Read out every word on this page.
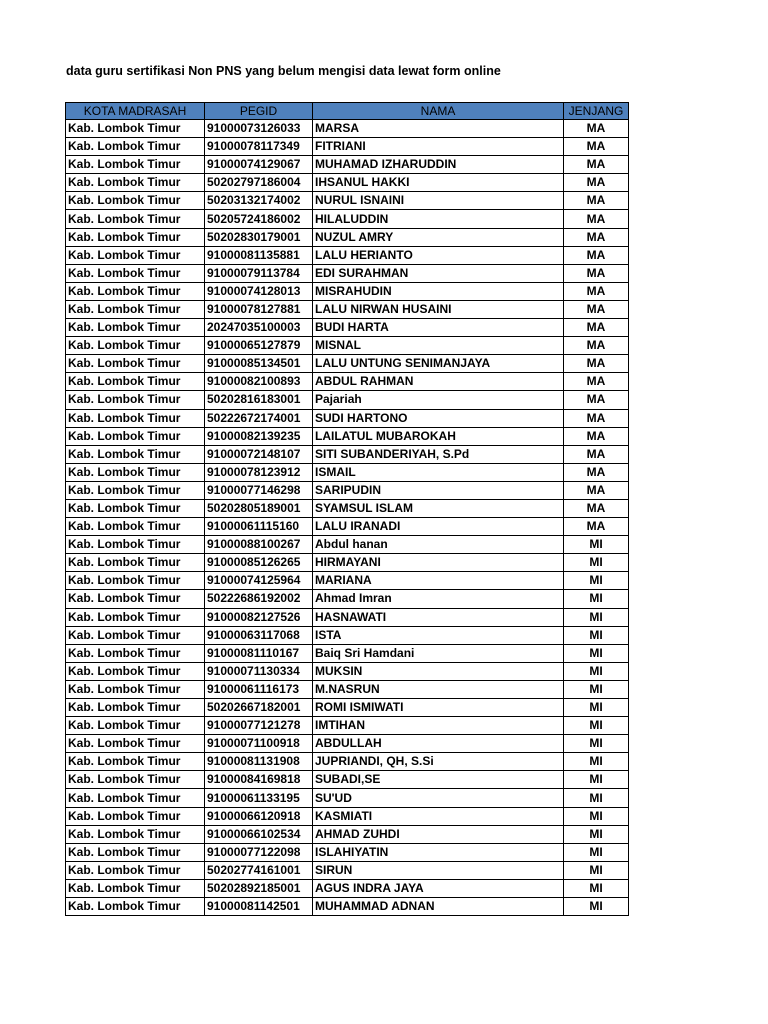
data guru sertifikasi Non PNS yang belum mengisi data lewat form online
KOTA MADRASAH	PEGID	NAMA	JENJANG
Kab. Lombok Timur	91000073126033	MARSA	MA
Kab. Lombok Timur	91000078117349	FITRIANI	MA
Kab. Lombok Timur	91000074129067	MUHAMAD IZHARUDDIN	MA
Kab. Lombok Timur	50202797186004	IHSANUL HAKKI	MA
Kab. Lombok Timur	50203132174002	NURUL ISNAINI	MA
Kab. Lombok Timur	50205724186002	HILALUDDIN	MA
Kab. Lombok Timur	50202830179001	NUZUL AMRY	MA
Kab. Lombok Timur	91000081135881	LALU HERIANTO	MA
Kab. Lombok Timur	91000079113784	EDI SURAHMAN	MA
Kab. Lombok Timur	91000074128013	MISRAHUDIN	MA
Kab. Lombok Timur	91000078127881	LALU NIRWAN HUSAINI	MA
Kab. Lombok Timur	20247035100003	BUDI HARTA	MA
Kab. Lombok Timur	91000065127879	MISNAL	MA
Kab. Lombok Timur	91000085134501	LALU UNTUNG SENIMANJAYA	MA
Kab. Lombok Timur	91000082100893	ABDUL RAHMAN	MA
Kab. Lombok Timur	50202816183001	Pajariah	MA
Kab. Lombok Timur	50222672174001	SUDI HARTONO	MA
Kab. Lombok Timur	91000082139235	LAILATUL MUBAROKAH	MA
Kab. Lombok Timur	91000072148107	SITI SUBANDERIYAH, S.Pd	MA
Kab. Lombok Timur	91000078123912	ISMAIL	MA
Kab. Lombok Timur	91000077146298	SARIPUDIN	MA
Kab. Lombok Timur	50202805189001	SYAMSUL ISLAM	MA
Kab. Lombok Timur	91000061115160	LALU IRANADI	MA
Kab. Lombok Timur	91000088100267	Abdul hanan	MI
Kab. Lombok Timur	91000085126265	HIRMAYANI	MI
Kab. Lombok Timur	91000074125964	MARIANA	MI
Kab. Lombok Timur	50222686192002	Ahmad Imran	MI
Kab. Lombok Timur	91000082127526	HASNAWATI	MI
Kab. Lombok Timur	91000063117068	ISTA	MI
Kab. Lombok Timur	91000081110167	Baiq Sri Hamdani	MI
Kab. Lombok Timur	91000071130334	MUKSIN	MI
Kab. Lombok Timur	91000061116173	M.NASRUN	MI
Kab. Lombok Timur	50202667182001	ROMI ISMIWATI	MI
Kab. Lombok Timur	91000077121278	IMTIHAN	MI
Kab. Lombok Timur	91000071100918	ABDULLAH	MI
Kab. Lombok Timur	91000081131908	JUPRIANDI, QH, S.Si	MI
Kab. Lombok Timur	91000084169818	SUBADI,SE	MI
Kab. Lombok Timur	91000061133195	SU'UD	MI
Kab. Lombok Timur	91000066120918	KASMIATI	MI
Kab. Lombok Timur	91000066102534	AHMAD ZUHDI	MI
Kab. Lombok Timur	91000077122098	ISLAHIYATIN	MI
Kab. Lombok Timur	50202774161001	SIRUN	MI
Kab. Lombok Timur	50202892185001	AGUS INDRA JAYA	MI
Kab. Lombok Timur	91000081142501	MUHAMMAD ADNAN	MI
